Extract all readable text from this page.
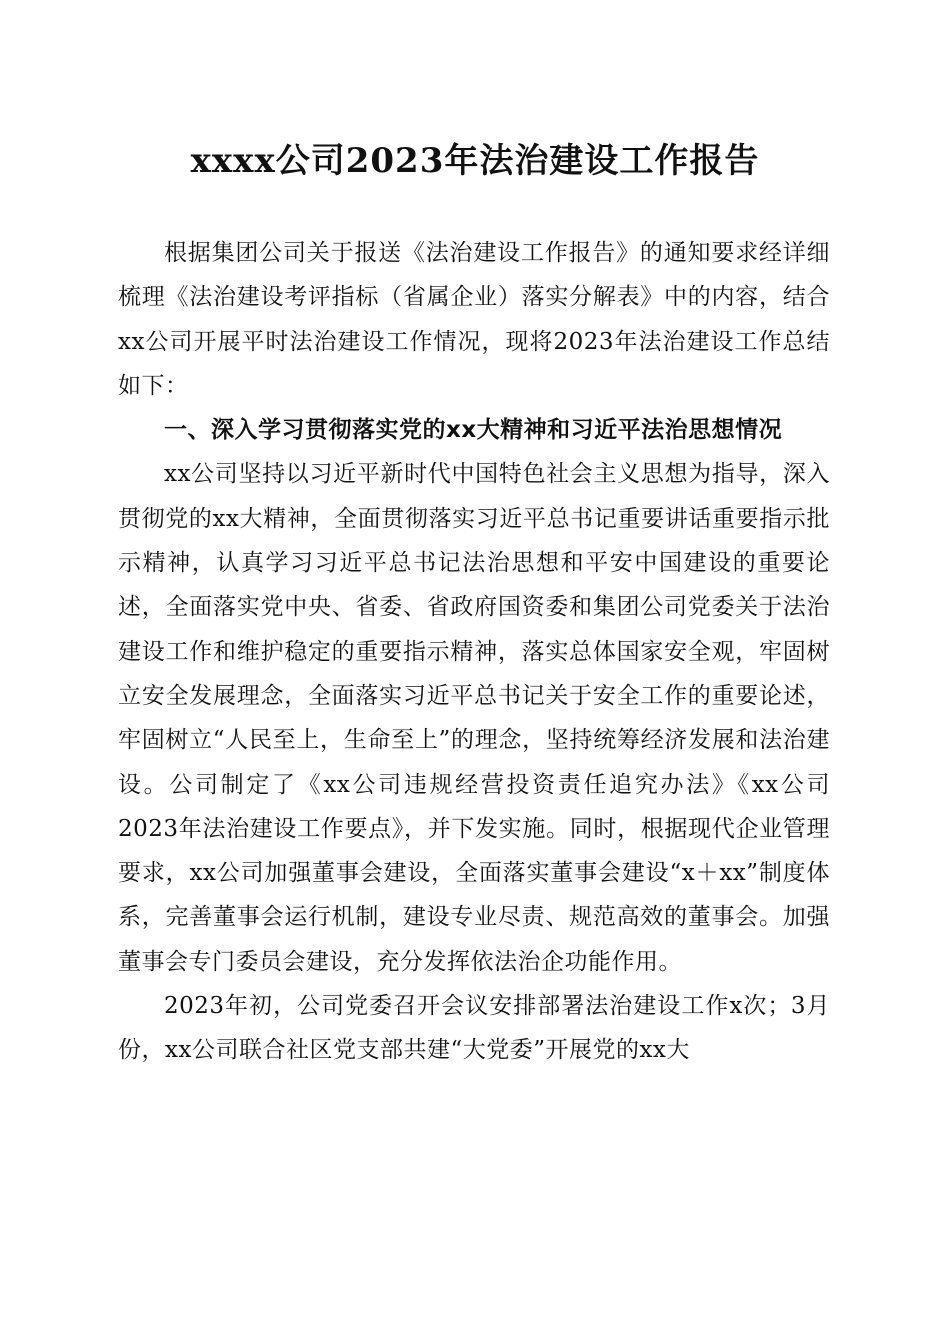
xxxx公司2023年法治建设工作报告

根据集团公司关于报送《法治建设工作报告》的通知要求经详细梳理《法治建设考评指标（省属企业）落实分解表》中的内容，结合xx公司开展平时法治建设工作情况，现将2023年法治建设工作总结如下：

一、深入学习贯彻落实党的xx大精神和习近平法治思想情况

xx公司坚持以习近平新时代中国特色社会主义思想为指导，深入贯彻党的xx大精神，全面贯彻落实习近平总书记重要讲话重要指示批示精神，认真学习习近平总书记法治思想和平安中国建设的重要论述，全面落实党中央、省委、省政府国资委和集团公司党委关于法治建设工作和维护稳定的重要指示精神，落实总体国家安全观，牢固树立安全发展理念，全面落实习近平总书记关于安全工作的重要论述，牢固树立“人民至上，生命至上”的理念，坚持统筹经济发展和法治建设。公司制定了《xx公司违规经营投资责任追究办法》《xx公司2023年法治建设工作要点》，并下发实施。同时，根据现代企业管理要求，xx公司加强董事会建设，全面落实董事会建设“x＋xx”制度体系，完善董事会运行机制，建设专业尽责、规范高效的董事会。加强董事会专门委员会建设，充分发挥依法治企功能作用。

2023年初，公司党委召开会议安排部署法治建设工作x次；3月份，xx公司联合社区党支部共建“大党委”开展党的xx大
